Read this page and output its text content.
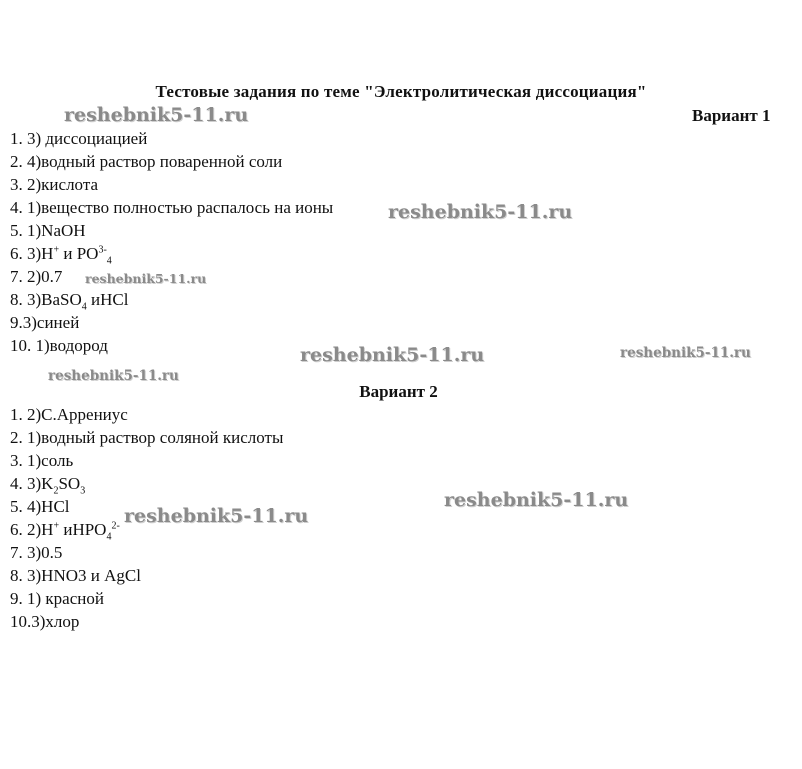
Тестовые задания по теме "Электролитическая диссоциация"
Вариант 1
1. 3) диссоциацией
2. 4)водный раствор поваренной соли
3. 2)кислота
4. 1)вещество полностью распалось на ионы
5. 1)NaOH
6. 3)H+ и $PO^{3-}_4$
7. 2)0.7
8. 3)BaSO$_4$ иHCl
9.3)синей
10. 1)водород
Вариант 2
1. 2)С.Аррениус
2. 1)водный раствор соляной кислоты
3. 1)соль
4. $3)K_2SO_3$
5. 4)HCl
6. 2)H+ иHPO$_4^{2-}$
7. 3)0.5
8. 3)HNO3 и AgCl
9. 1) красной
10.3)хлор
reshebnik5-11.ru
reshebnik5-11.ru
reshebnik5-11.ru
reshebnik5-11.ru	reshebnik5-11.ru
reshebnik5-11.ru
reshebnik5-11.ru
reshebnik5-11.ru
